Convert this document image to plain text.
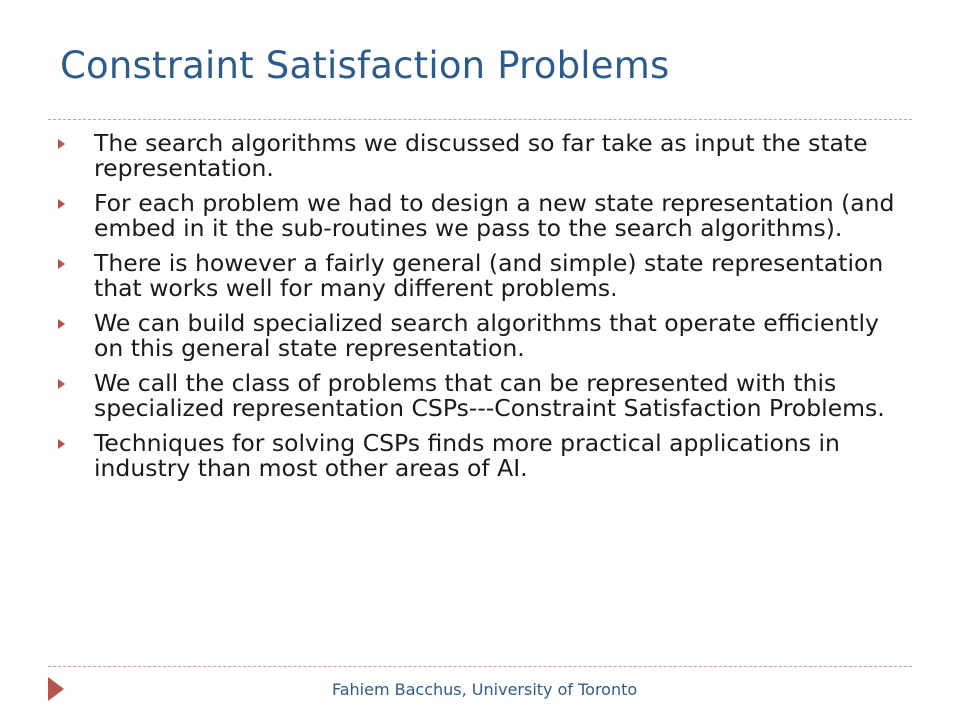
Constraint Satisfaction Problems
The search algorithms we discussed so far take as input the state representation.
For each problem we had to design a new state representation (and embed in it the sub-routines we pass to the search algorithms).
There is however a fairly general (and simple) state representation that works well for many different problems.
We can build specialized search algorithms that operate efficiently on this general state representation.
We call the class of problems that can be represented with this specialized representation CSPs---Constraint Satisfaction Problems.
Techniques for solving CSPs finds more practical applications in industry than most other areas of AI.
Fahiem Bacchus, University of Toronto
